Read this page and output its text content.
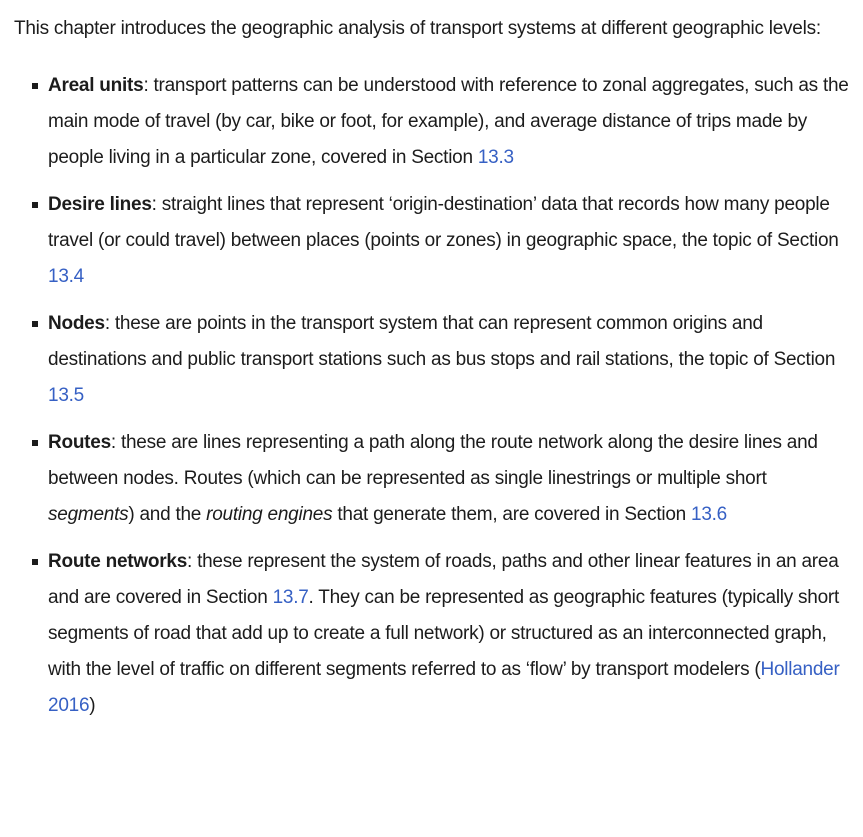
This chapter introduces the geographic analysis of transport systems at different geographic levels:

Areal units: transport patterns can be understood with reference to zonal aggregates, such as the main mode of travel (by car, bike or foot, for example), and average distance of trips made by people living in a particular zone, covered in Section 13.3
Desire lines: straight lines that represent ‘origin-destination’ data that records how many people travel (or could travel) between places (points or zones) in geographic space, the topic of Section 13.4
Nodes: these are points in the transport system that can represent common origins and destinations and public transport stations such as bus stops and rail stations, the topic of Section 13.5
Routes: these are lines representing a path along the route network along the desire lines and between nodes. Routes (which can be represented as single linestrings or multiple short segments) and the routing engines that generate them, are covered in Section 13.6
Route networks: these represent the system of roads, paths and other linear features in an area and are covered in Section 13.7. They can be represented as geographic features (typically short segments of road that add up to create a full network) or structured as an interconnected graph, with the level of traffic on different segments referred to as ‘flow’ by transport modelers (Hollander 2016)
